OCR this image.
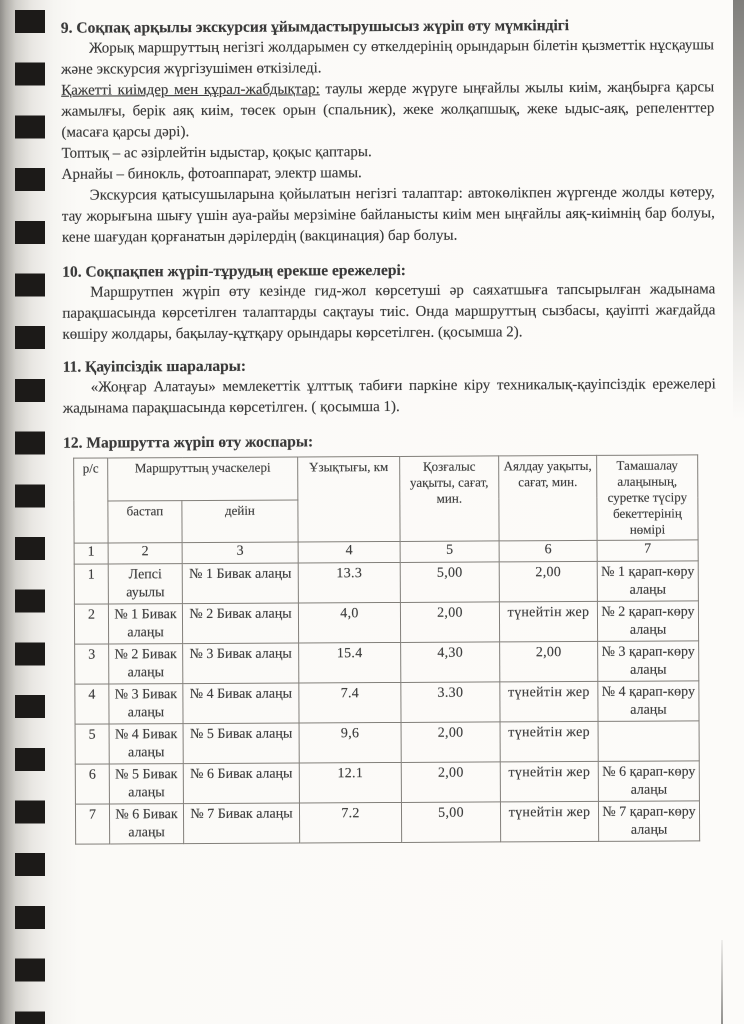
9. Соқпақ арқылы экскурсия ұйымдастырушысыз жүріп өту мүмкіндігі

Жорық маршруттың негізгі жолдарымен су өткелдерінің орындарын білетін қызметтік нұсқаушы және экскурсия жүргізушімен өткізіледі.

Қажетті киімдер мен құрал-жабдықтар: таулы жерде жүруге ыңғайлы жылы киім, жаңбырға қарсы жамылғы, берік аяқ киім, төсек орын (спальник), жеке жолқапшық, жеке ыдыс-аяқ, репеленттер (масаға қарсы дәрі).

Топтық – ас әзірлейтін ыдыстар, қоқыс қаптары.

Арнайы – бинокль, фотоаппарат, электр шамы.

Экскурсия қатысушыларына қойылатын негізгі талаптар: автокөлікпен жүргенде жолды көтеру, тау жорығына шығу үшін ауа-райы мерзіміне байланысты киім мен ыңғайлы аяқ-киімнің бар болуы, кене шағудан қорғанатын дәрілердің (вакцинация) бар болуы.

10. Соқпақпен жүріп-тұрудың ерекше ережелері:

Маршрутпен жүріп өту кезінде гид-жол көрсетуші әр саяхатшыға тапсырылған жадынама парақшасында көрсетілген талаптарды сақтауы тиіс. Онда маршруттың сызбасы, қауіпті жағдайда көшіру жолдары, бақылау-құтқару орындары көрсетілген. (қосымша 2).

11. Қауіпсіздік шаралары:

«Жоңғар Алатауы» мемлекеттік ұлттық табиғи паркіне кіру техникалық-қауіпсіздік ережелері жадынама парақшасында көрсетілген. ( қосымша 1).

12. Маршрутта жүріп өту жоспары:

р/с	Маршруттың учаскелері		Ұзықтығы, км	Қозғалыс уақыты, сағат, мин.	Аялдау уақыты, сағат, мин.	Тамашалау алаңының, суретке түсіру бекеттерінің нөмірі
	бастап	дейін				
1	2	3	4	5	6	7
1	Лепсі ауылы	№ 1 Бивак алаңы	13.3	5,00	2,00	№ 1 қарап-көру алаңы
2	№ 1 Бивак алаңы	№ 2 Бивак алаңы	4,0	2,00	түнейтін жер	№ 2 қарап-көру алаңы
3	№ 2 Бивак алаңы	№ 3 Бивак алаңы	15.4	4,30	2,00	№ 3 қарап-көру алаңы
4	№ 3 Бивак алаңы	№ 4 Бивак алаңы	7.4	3.30	түнейтін жер	№ 4 қарап-көру алаңы
5	№ 4 Бивак алаңы	№ 5 Бивак алаңы	9,6	2,00	түнейтін жер	
6	№ 5 Бивак алаңы	№ 6 Бивак алаңы	12.1	2,00	түнейтін жер	№ 6 қарап-көру алаңы
7	№ 6 Бивак алаңы	№ 7 Бивак алаңы	7.2	5,00	түнейтін жер	№ 7 қарап-көру алаңы
